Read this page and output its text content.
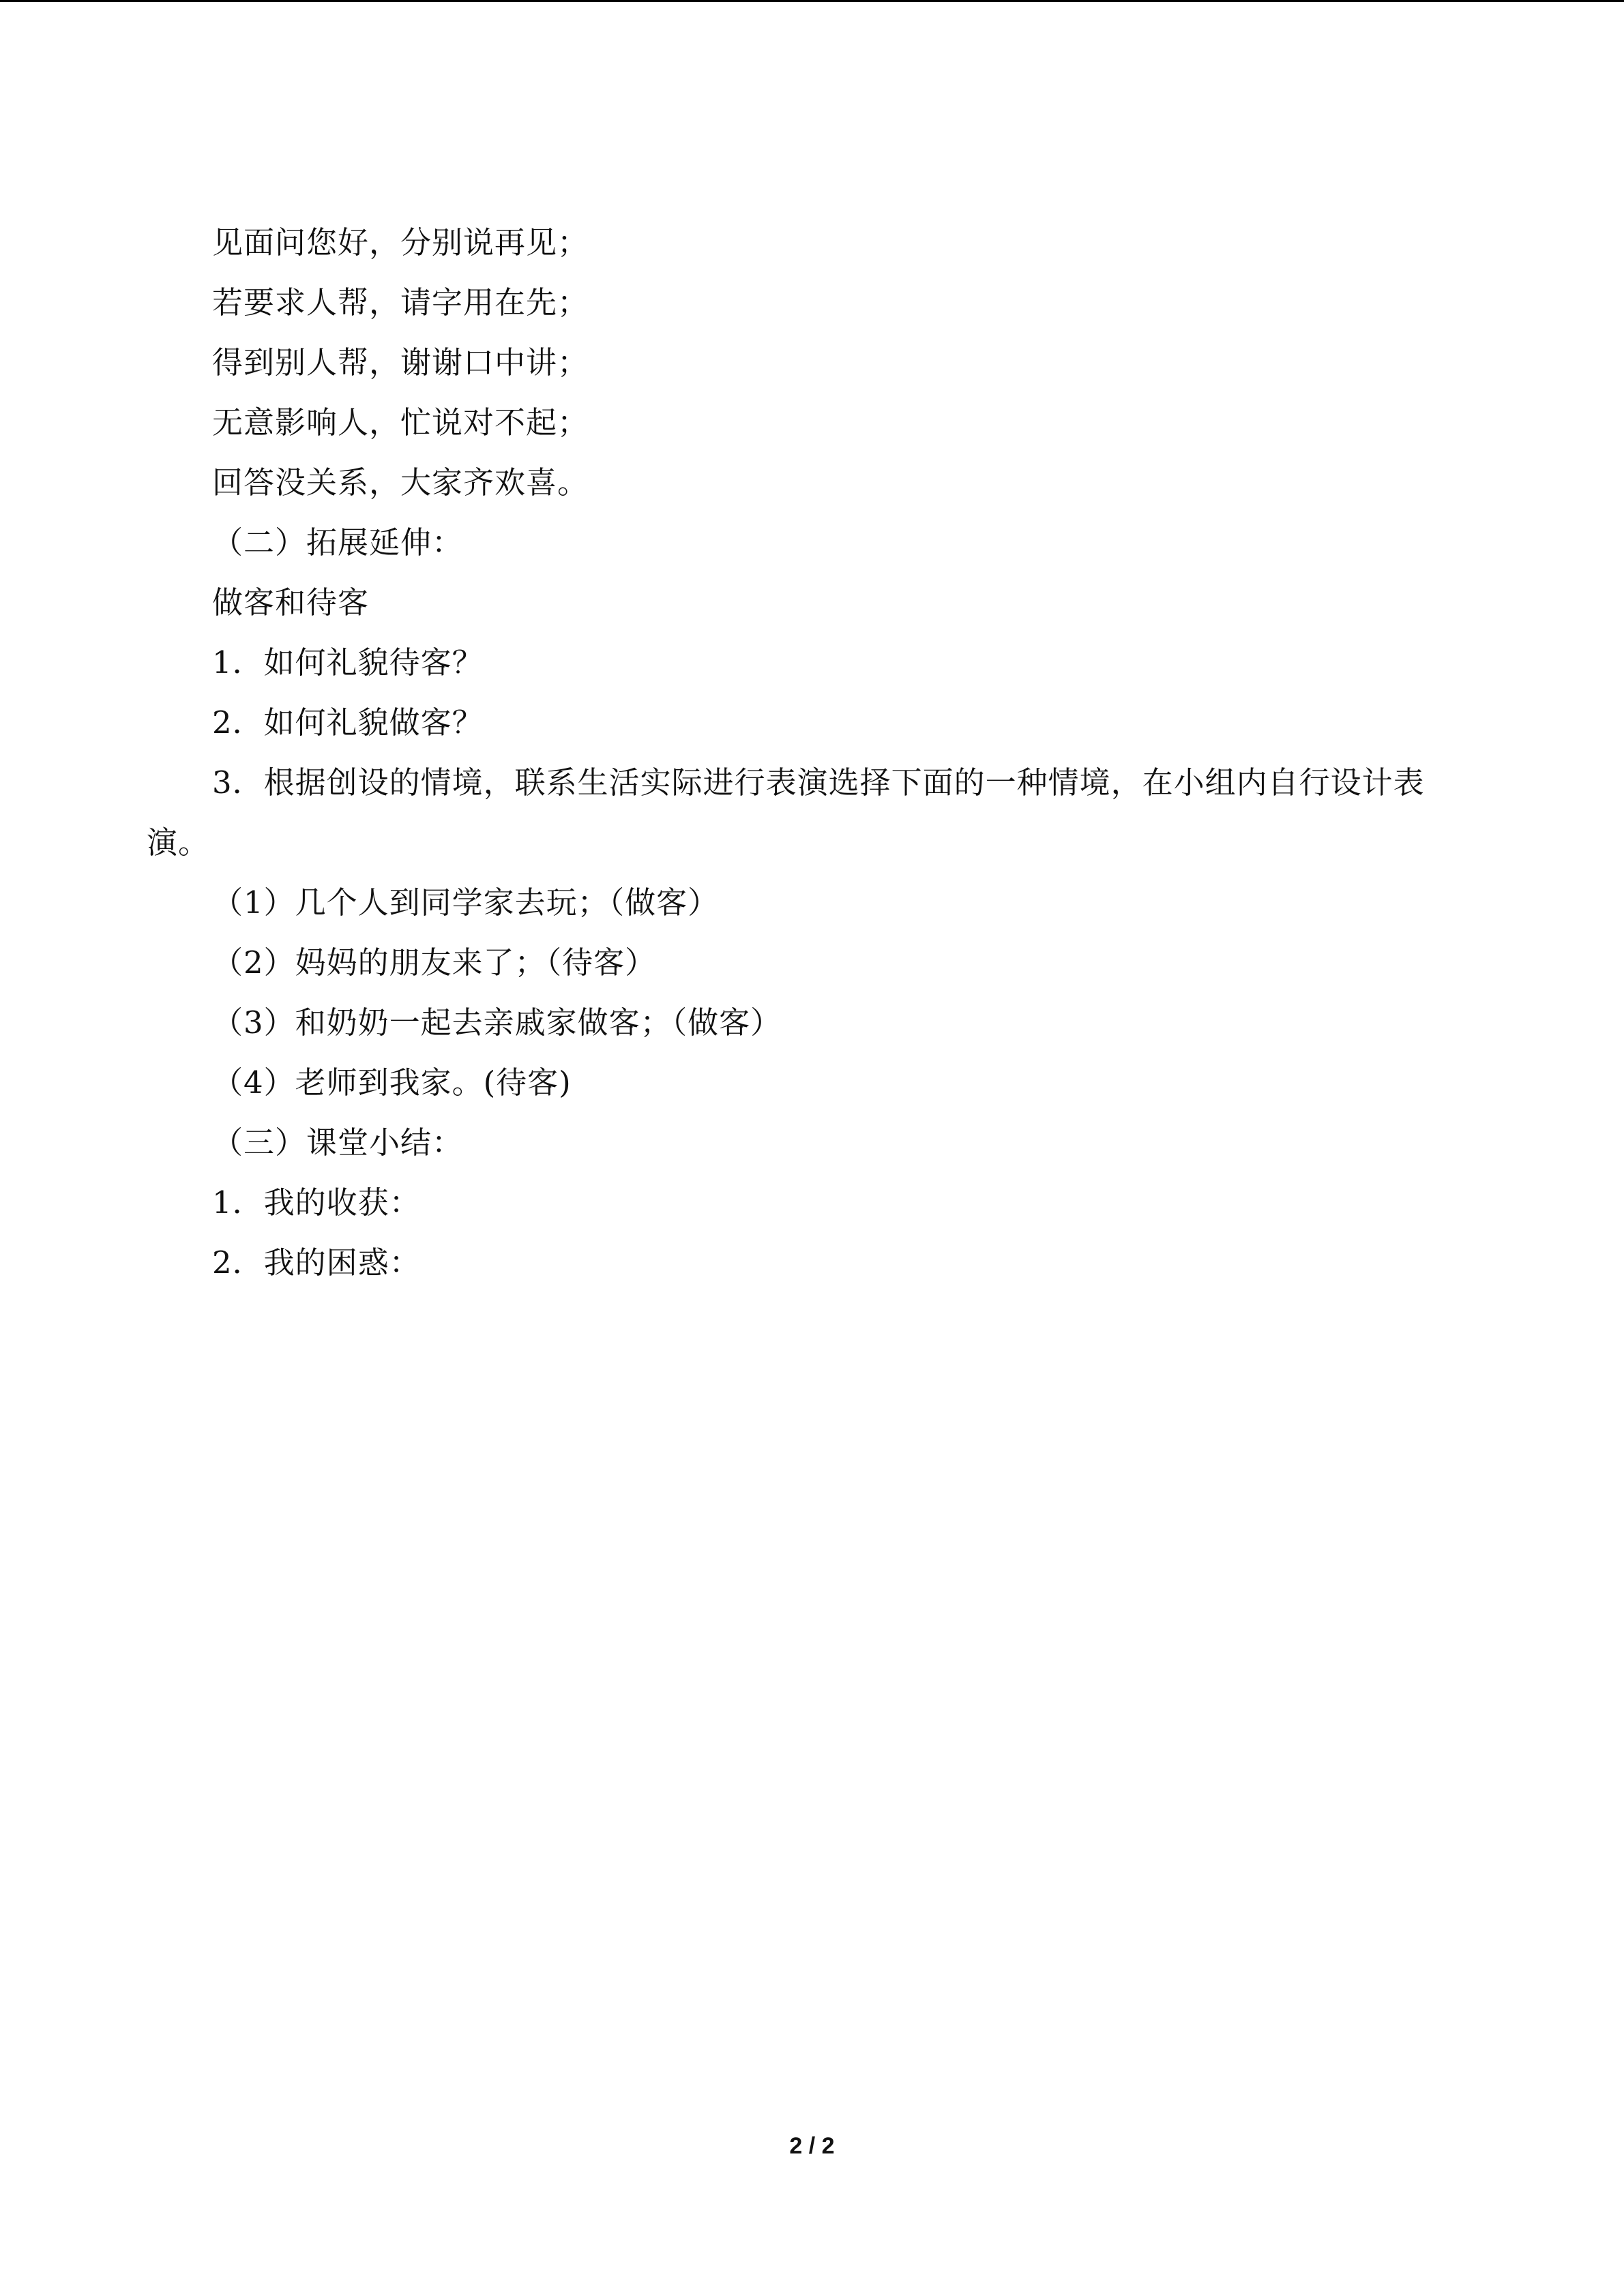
见面问您好，分别说再见；
若要求人帮，请字用在先；
得到别人帮，谢谢口中讲；
无意影响人，忙说对不起；
回答没关系，大家齐欢喜。
（二）拓展延伸：
做客和待客
1．如何礼貌待客？
2．如何礼貌做客？
3．根据创设的情境，联系生活实际进行表演选择下面的一种情境，在小组内自行设计表演。
（1）几个人到同学家去玩；（做客）
（2）妈妈的朋友来了；（待客）
（3）和奶奶一起去亲戚家做客；（做客）
（4）老师到我家。(待客)
（三）课堂小结：
1．我的收获：
2．我的困惑：
2 / 2
